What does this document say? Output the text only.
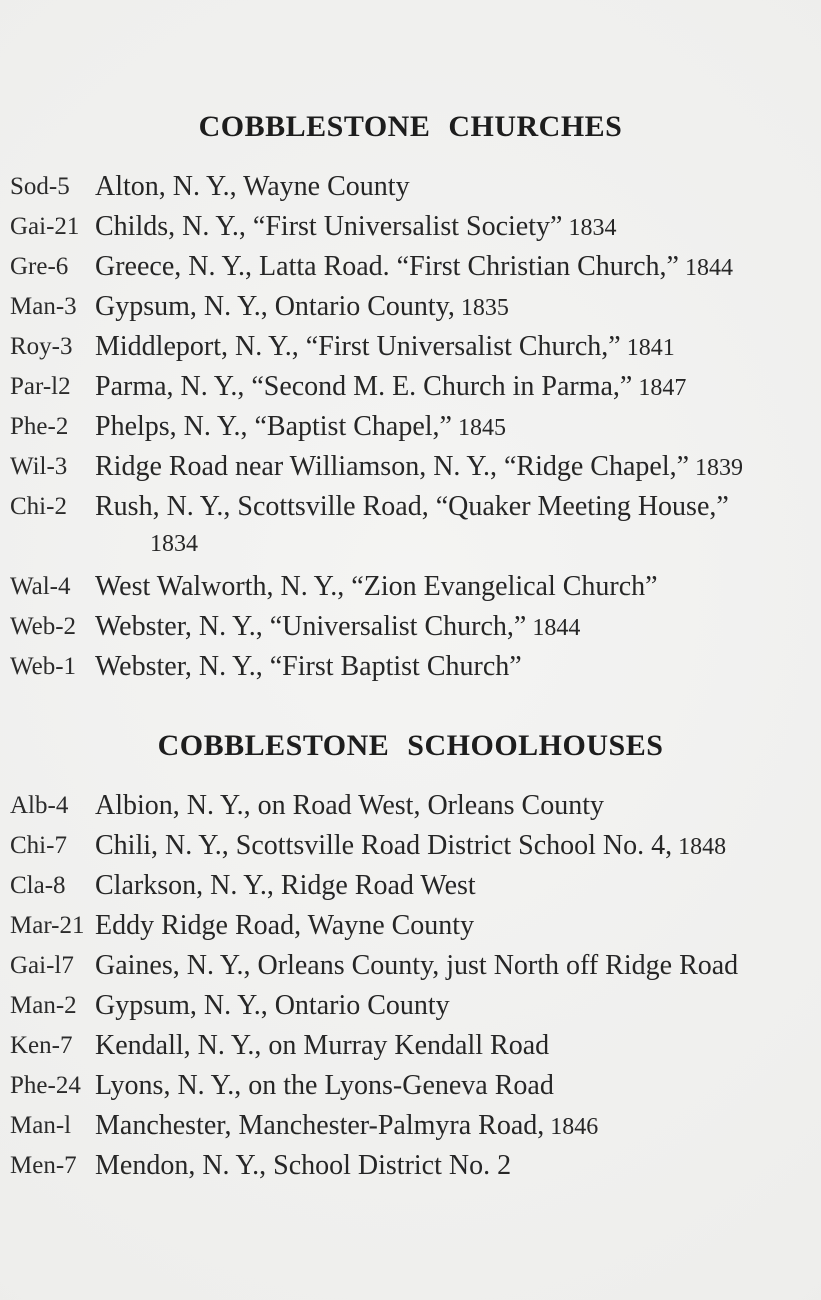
COBBLESTONE CHURCHES
Sod-5 Alton, N. Y., Wayne County
Gai-21 Childs, N. Y., “First Universalist Society” 1834
Gre-6 Greece, N. Y., Latta Road. “First Christian Church,” 1844
Man-3 Gypsum, N. Y., Ontario County, 1835
Roy-3 Middleport, N. Y., “First Universalist Church,” 1841
Par-l2 Parma, N. Y., “Second M. E. Church in Parma,” 1847
Phe-2 Phelps, N. Y., “Baptist Chapel,” 1845
Wil-3 Ridge Road near Williamson, N. Y., “Ridge Chapel,” 1839
Chi-2	Rush, N. Y., Scottsville Road, “Quaker Meeting House,”
1834
Wal-4 West Walworth, N. Y., “Zion Evangelical Church”
Web-2 Webster, N. Y., “Universalist Church,” 1844
Web-1 Webster, N. Y., “First Baptist Church”
COBBLESTONE SCHOOLHOUSES
Alb-4 Albion, N. Y., on Road West, Orleans County
Chi-7	Chili, N. Y., Scottsville Road District School No. 4, 1848
Cla-8	Clarkson, N. Y., Ridge Road West
Mar-21 Eddy Ridge Road, Wayne County
Gai-l7 Gaines, N. Y., Orleans County, just North off Ridge Road
Man-2 Gypsum, N. Y., Ontario County
Ken-7 Kendall, N. Y., on Murray Kendall Road
Phe-24 Lyons, N. Y., on the Lyons-Geneva Road
Man-l Manchester, Manchester-Palmyra Road, 1846
Men-7 Mendon, N. Y., School District No. 2
